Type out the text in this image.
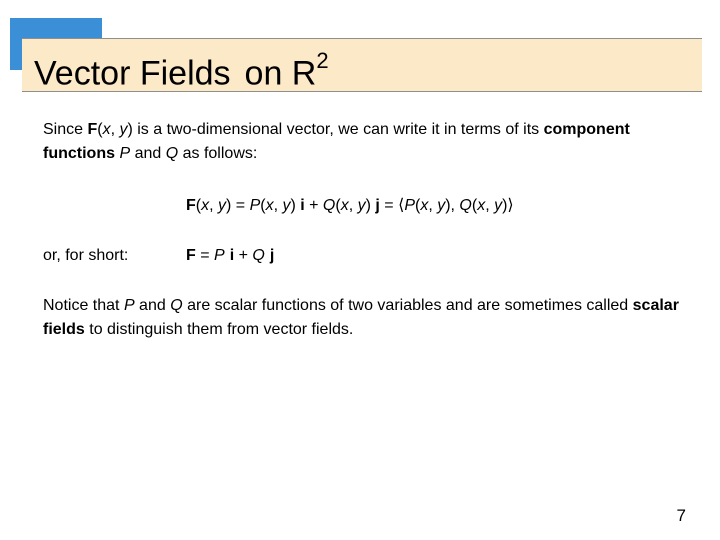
Vector Fields on $R^2$

Since F(x, y) is a two-dimensional vector, we can write it in terms of its component functions P and Q as follows:

F(x, y) = P(x, y) i + Q(x, y) j = ⟨P(x, y), Q(x, y)⟩
or, for short:	F = P i + Q j

Notice that P and Q are scalar functions of two variables and are sometimes called scalar fields to distinguish them from vector fields.

7
